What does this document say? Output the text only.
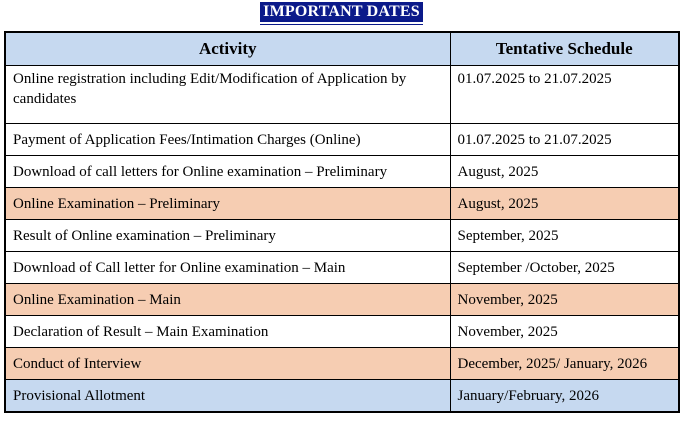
IMPORTANT DATES
Activity	Tentative Schedule
Online registration including Edit/Modification of Application by candidates	01.07.2025 to 21.07.2025
Payment of Application Fees/Intimation Charges (Online)	01.07.2025 to 21.07.2025
Download of call letters for Online examination – Preliminary	August, 2025
Online Examination – Preliminary	August, 2025
Result of Online examination – Preliminary	September, 2025
Download of Call letter for Online examination – Main	September /October, 2025
Online Examination – Main	November, 2025
Declaration of Result – Main Examination	November, 2025
Conduct of Interview	December, 2025/ January, 2026
Provisional Allotment	January/February, 2026
